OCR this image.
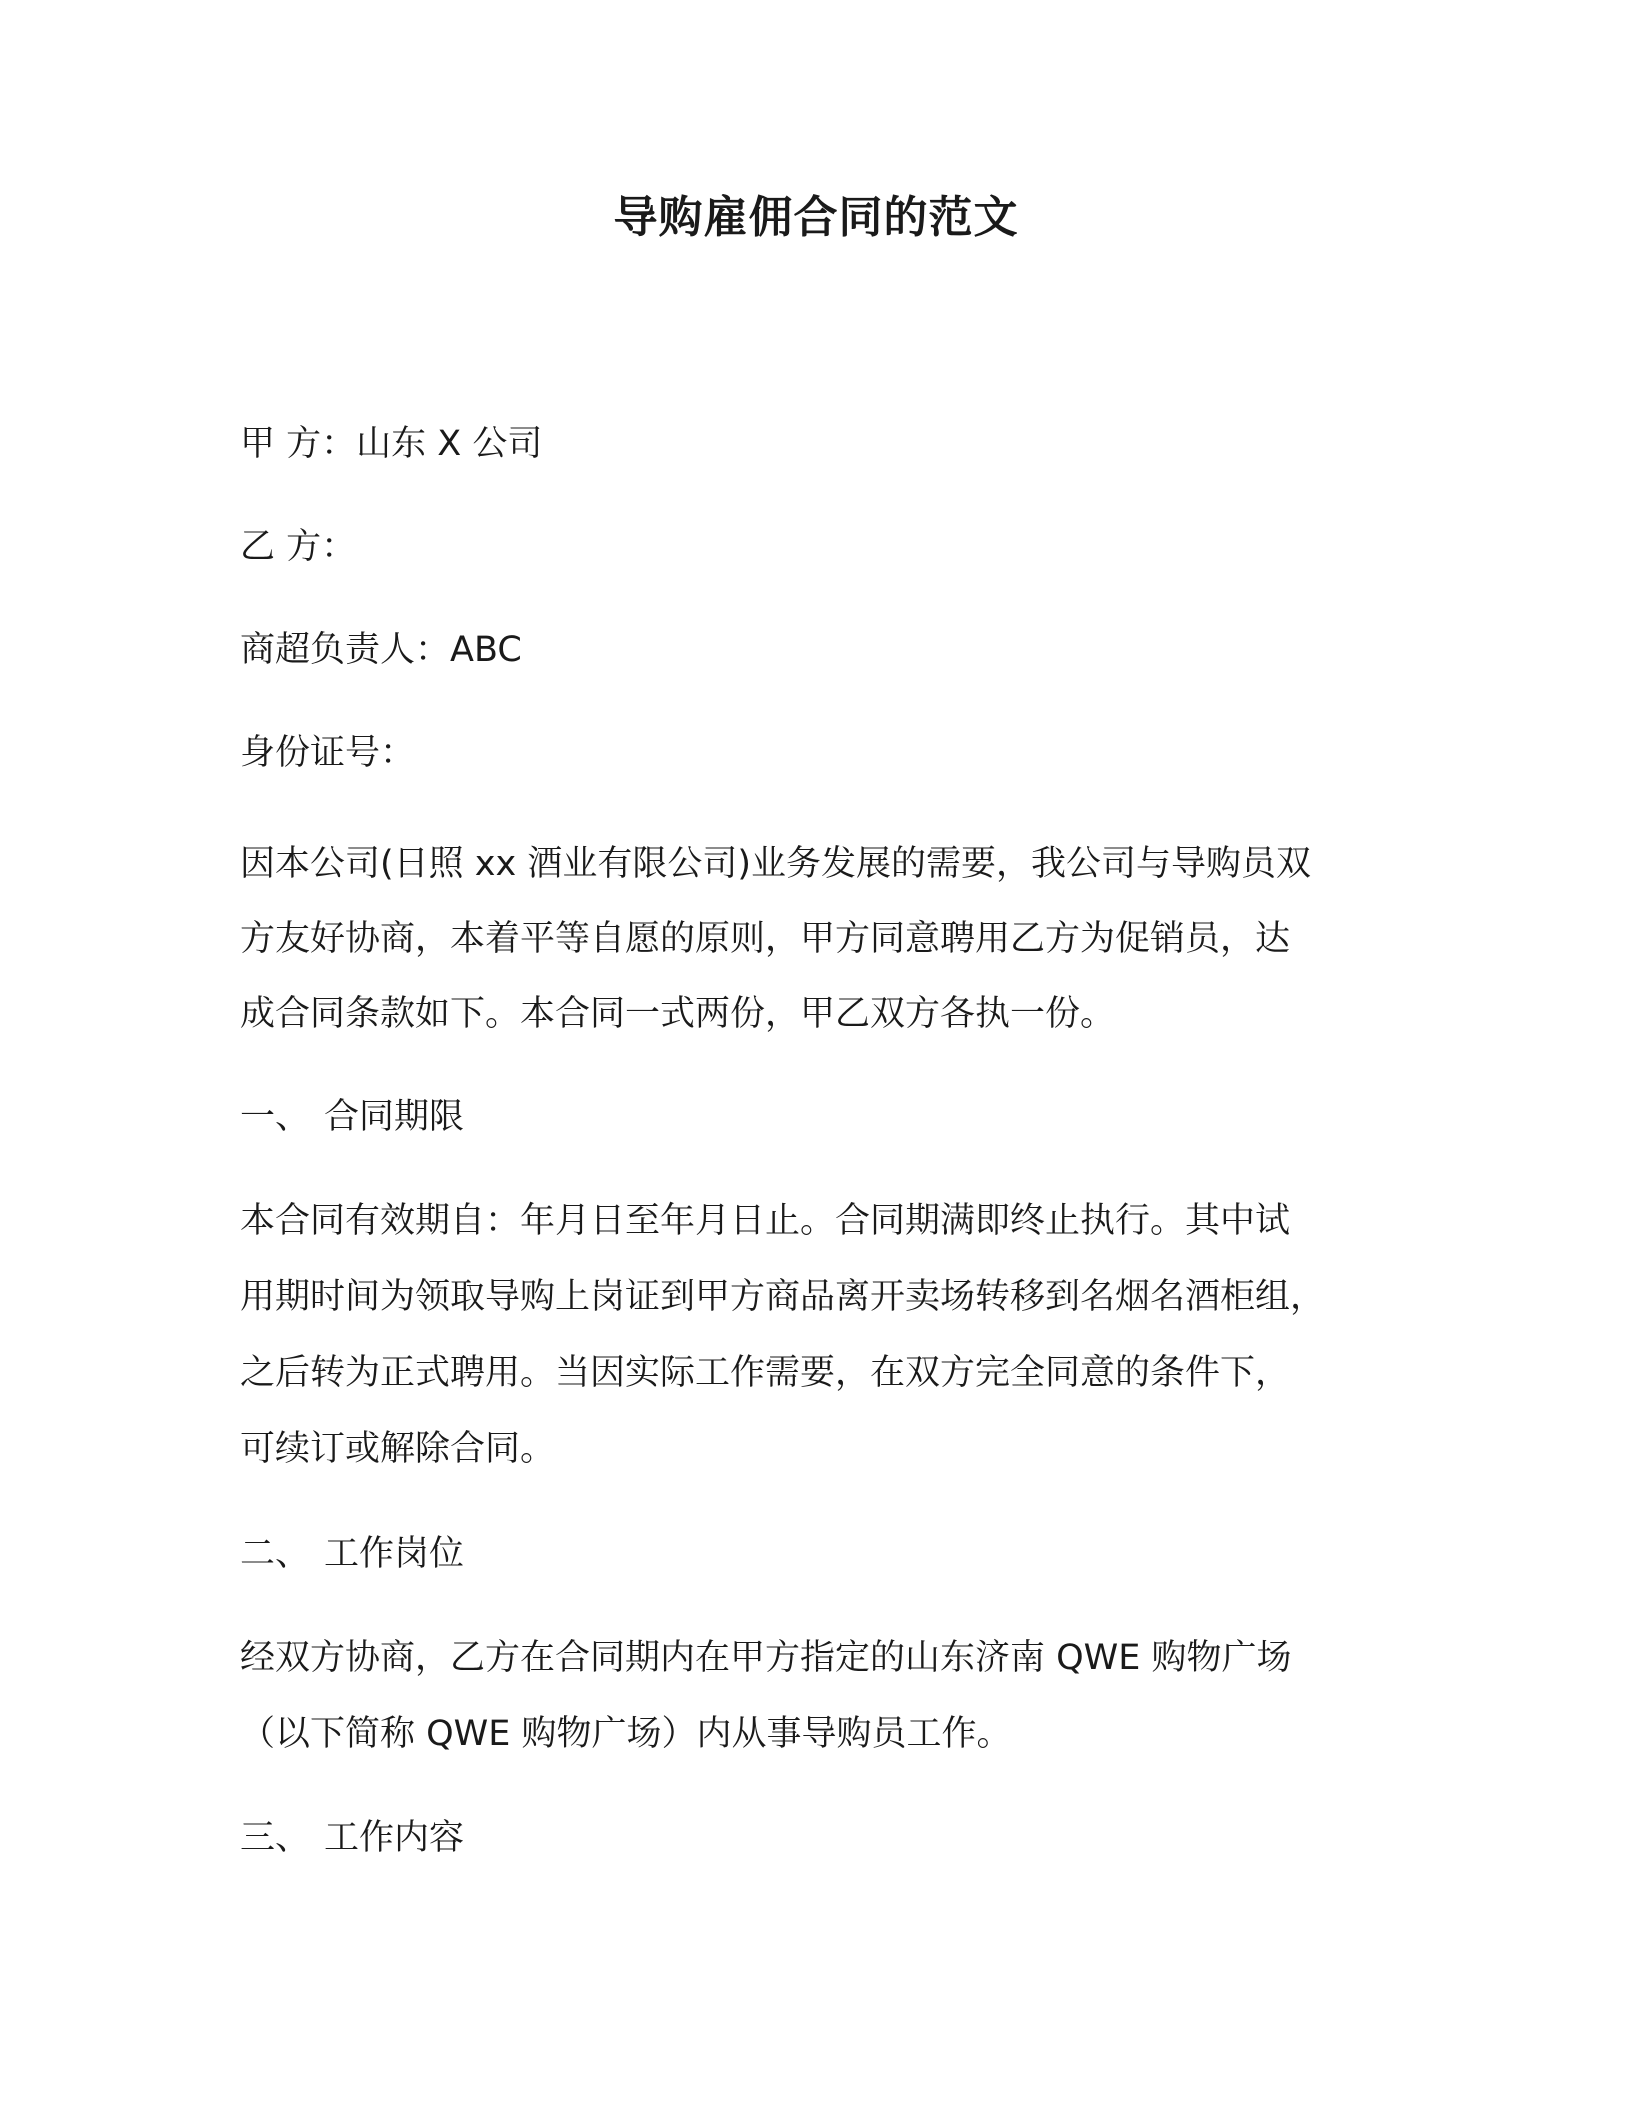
导购雇佣合同的范文

甲 方：山东 X 公司

乙 方：

商超负责人：ABC

身份证号：

因本公司(日照 xx 酒业有限公司)业务发展的需要，我公司与导购员双

方友好协商，本着平等自愿的原则，甲方同意聘用乙方为促销员，达

成合同条款如下。本合同一式两份，甲乙双方各执一份。

一、 合同期限

本合同有效期自：年月日至年月日止。合同期满即终止执行。其中试

用期时间为领取导购上岗证到甲方商品离开卖场转移到名烟名酒柜组，

之后转为正式聘用。当因实际工作需要，在双方完全同意的条件下，

可续订或解除合同。

二、 工作岗位

经双方协商，乙方在合同期内在甲方指定的山东济南 QWE 购物广场

（以下简称 QWE 购物广场）内从事导购员工作。

三、 工作内容
